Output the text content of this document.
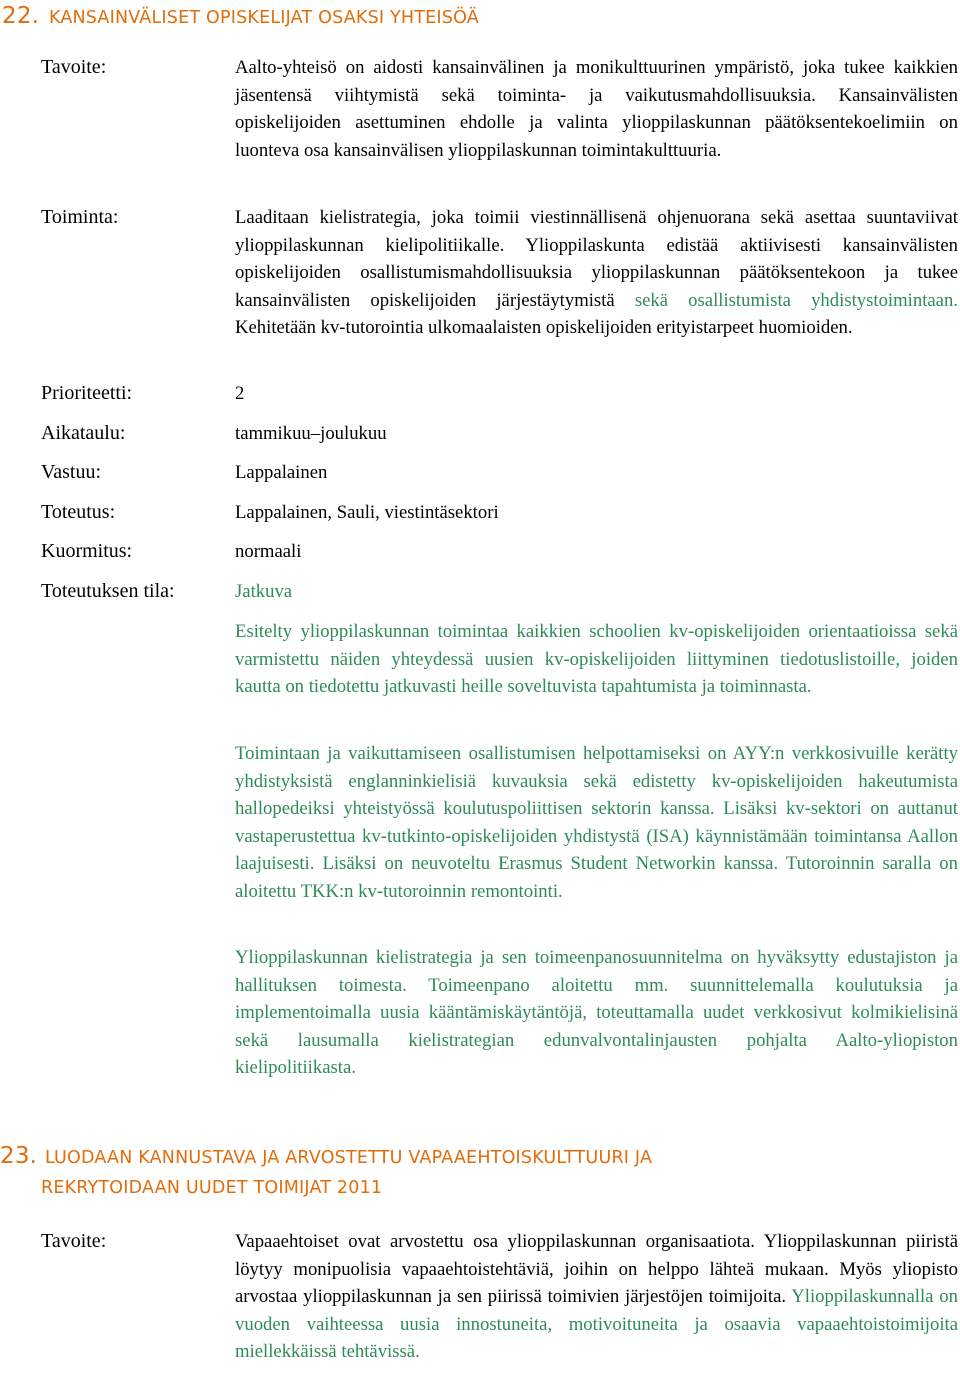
22. KANSAINVÄLISET OPISKELIJAT OSAKSI YHTEISÖÄ
Tavoite:	Aalto-yhteisö on aidosti kansainvälinen ja monikulttuurinen ympäristö, joka tukee kaikkien jäsentensä viihtymistä sekä toiminta- ja vaikutusmahdollisuuksia. Kansainvälisten opiskelijoiden asettuminen ehdolle ja valinta ylioppilaskunnan päätöksentekoelimiin on luonteva osa kansainvälisen ylioppilaskunnan toimintakulttuuria.
Toiminta:	Laaditaan kielistrategia, joka toimii viestinnällisenä ohjenuorana sekä asettaa suuntaviivat ylioppilaskunnan kielipolitiikalle. Ylioppilaskunta edistää aktiivisesti kansainvälisten opiskelijoiden osallistumismahdollisuuksia ylioppilaskunnan päätöksentekoon ja tukee kansainvälisten opiskelijoiden järjestäytymistä sekä osallistumista yhdistystoimintaan. Kehitetään kv-tutorointia ulkomaalaisten opiskelijoiden erityistarpeet huomioiden.
Prioriteetti:	2
Aikataulu:	tammikuu–joulukuu
Vastuu:	Lappalainen
Toteutus:	Lappalainen, Sauli, viestintäsektori
Kuormitus:	normaali
Toteutuksen tila:	Jatkuva

Esitelty ylioppilaskunnan toimintaa kaikkien schoolien kv-opiskelijoiden orientaatioissa sekä varmistettu näiden yhteydessä uusien kv-opiskelijoiden liittyminen tiedotuslistoille, joiden kautta on tiedotettu jatkuvasti heille soveltuvista tapahtumista ja toiminnasta.

Toimintaan ja vaikuttamiseen osallistumisen helpottamiseksi on AYY:n verkkosivuille kerätty yhdistyksistä englanninkielisiä kuvauksia sekä edistetty kv-opiskelijoiden hakeutumista hallopedeiksi yhteistyössä koulutuspoliittisen sektorin kanssa. Lisäksi kv-sektori on auttanut vastaperustettua kv-tutkinto-opiskelijoiden yhdistystä (ISA) käynnistämään toimintansa Aallon laajuisesti. Lisäksi on neuvoteltu Erasmus Student Networkin kanssa. Tutoroinnin saralla on aloitettu TKK:n kv-tutoroinnin remontointi.

Ylioppilaskunnan kielistrategia ja sen toimeenpanosuunnitelma on hyväksytty edustajiston ja hallituksen toimesta. Toimeenpano aloitettu mm. suunnittelemalla koulutuksia ja implementoimalla uusia kääntämiskäytäntöjä, toteuttamalla uudet verkkosivut kolmikielisinä sekä lausumalla kielistrategian edunvalvontalinjausten pohjalta Aalto-yliopiston kielipolitiikasta.

23. LUODAAN KANNUSTAVA JA ARVOSTETTU VAPAAEHTOISKULTTUURI JA
REKRYTOIDAAN UUDET TOIMIJAT 2011
Tavoite:	Vapaaehtoiset ovat arvostettu osa ylioppilaskunnan organisaatiota. Ylioppilaskunnan piiristä löytyy monipuolisia vapaaehtoistehtäviä, joihin on helppo lähteä mukaan. Myös yliopisto arvostaa ylioppilaskunnan ja sen piirissä toimivien järjestöjen toimijoita. Ylioppilaskunnalla on vuoden vaihteessa uusia innostuneita, motivoituneita ja osaavia vapaaehtoistoimijoita miellekkäissä tehtävissä.
